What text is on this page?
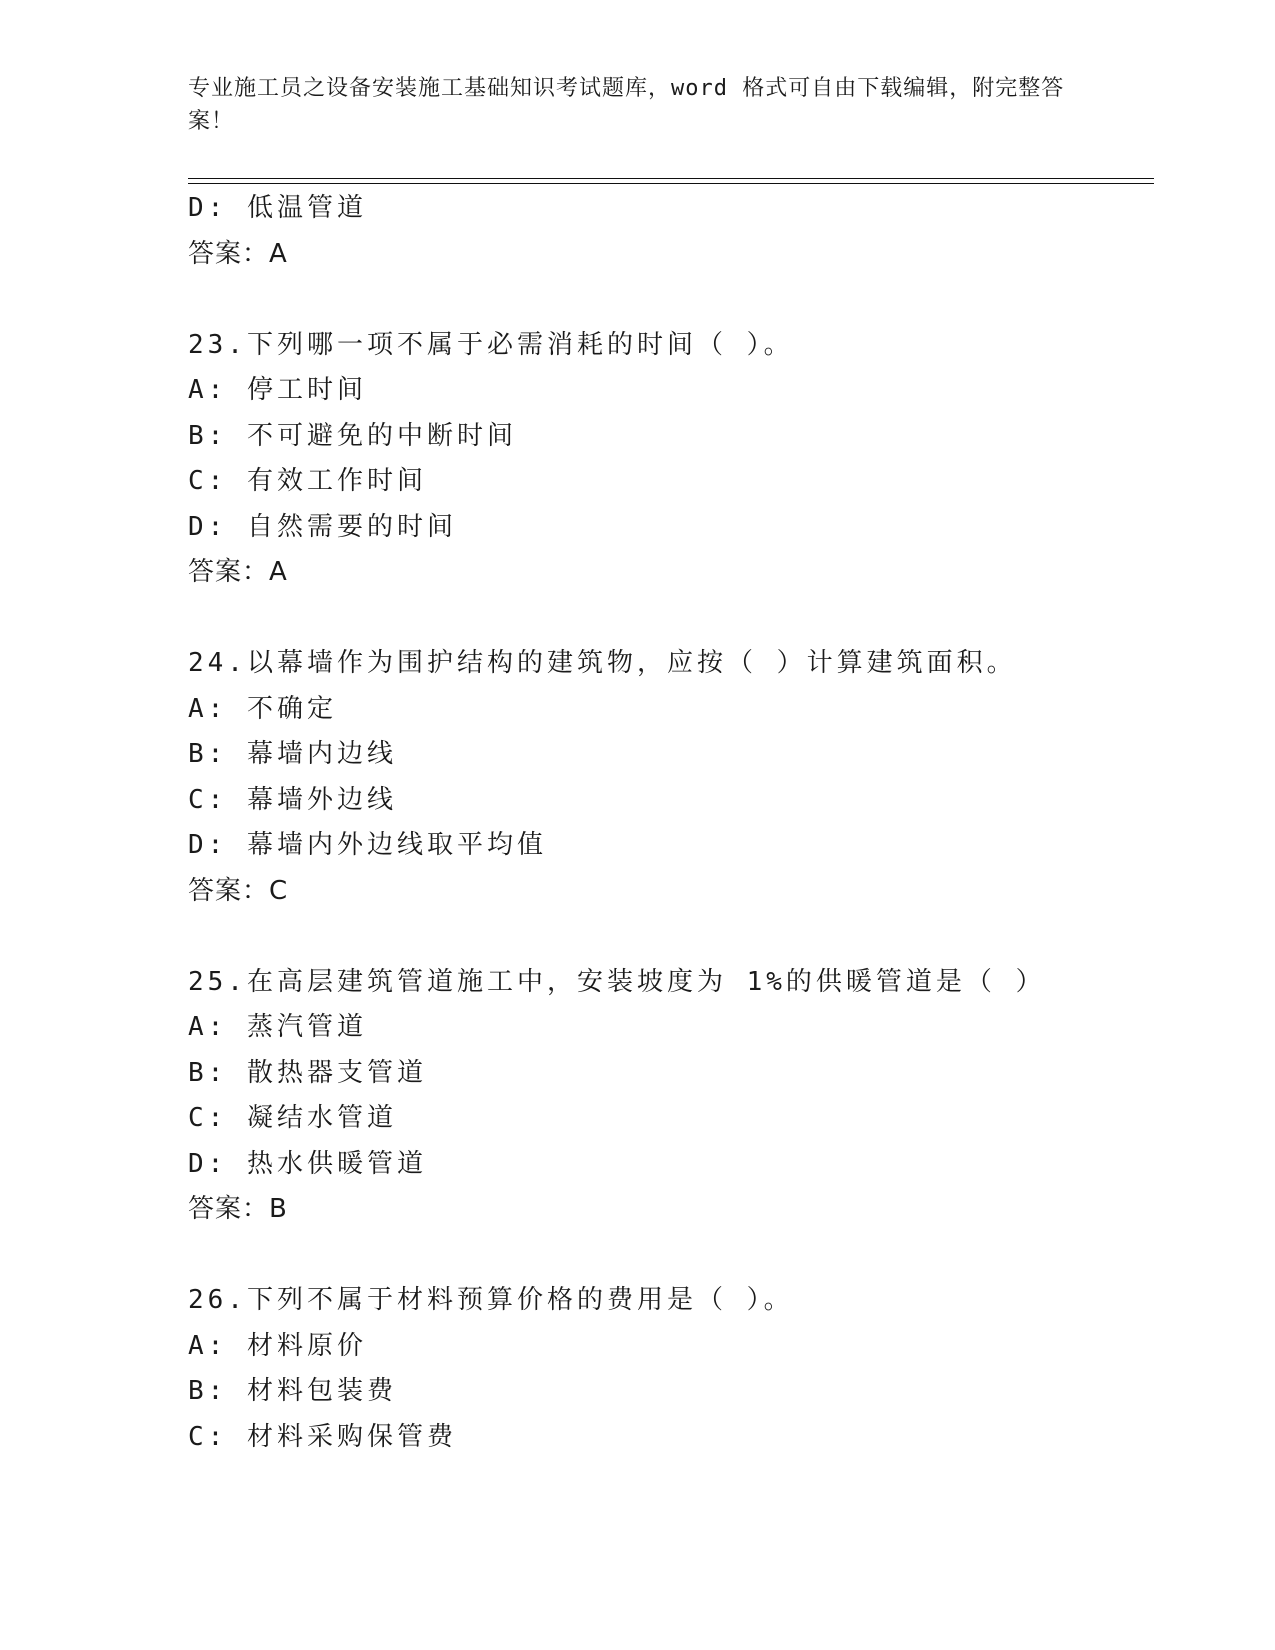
专业施工员之设备安装施工基础知识考试题库，word 格式可自由下载编辑，附完整答案！
D: 低温管道
答案：A
23.下列哪一项不属于必需消耗的时间（ ）。
A: 停工时间
B: 不可避免的中断时间
C: 有效工作时间
D: 自然需要的时间
答案：A
24.以幕墙作为围护结构的建筑物，应按（ ）计算建筑面积。
A: 不确定
B: 幕墙内边线
C: 幕墙外边线
D: 幕墙内外边线取平均值
答案：C
25.在高层建筑管道施工中，安装坡度为 1%的供暖管道是（ ）
A: 蒸汽管道
B: 散热器支管道
C: 凝结水管道
D: 热水供暖管道
答案：B
26.下列不属于材料预算价格的费用是（ ）。
A: 材料原价
B: 材料包装费
C: 材料采购保管费
